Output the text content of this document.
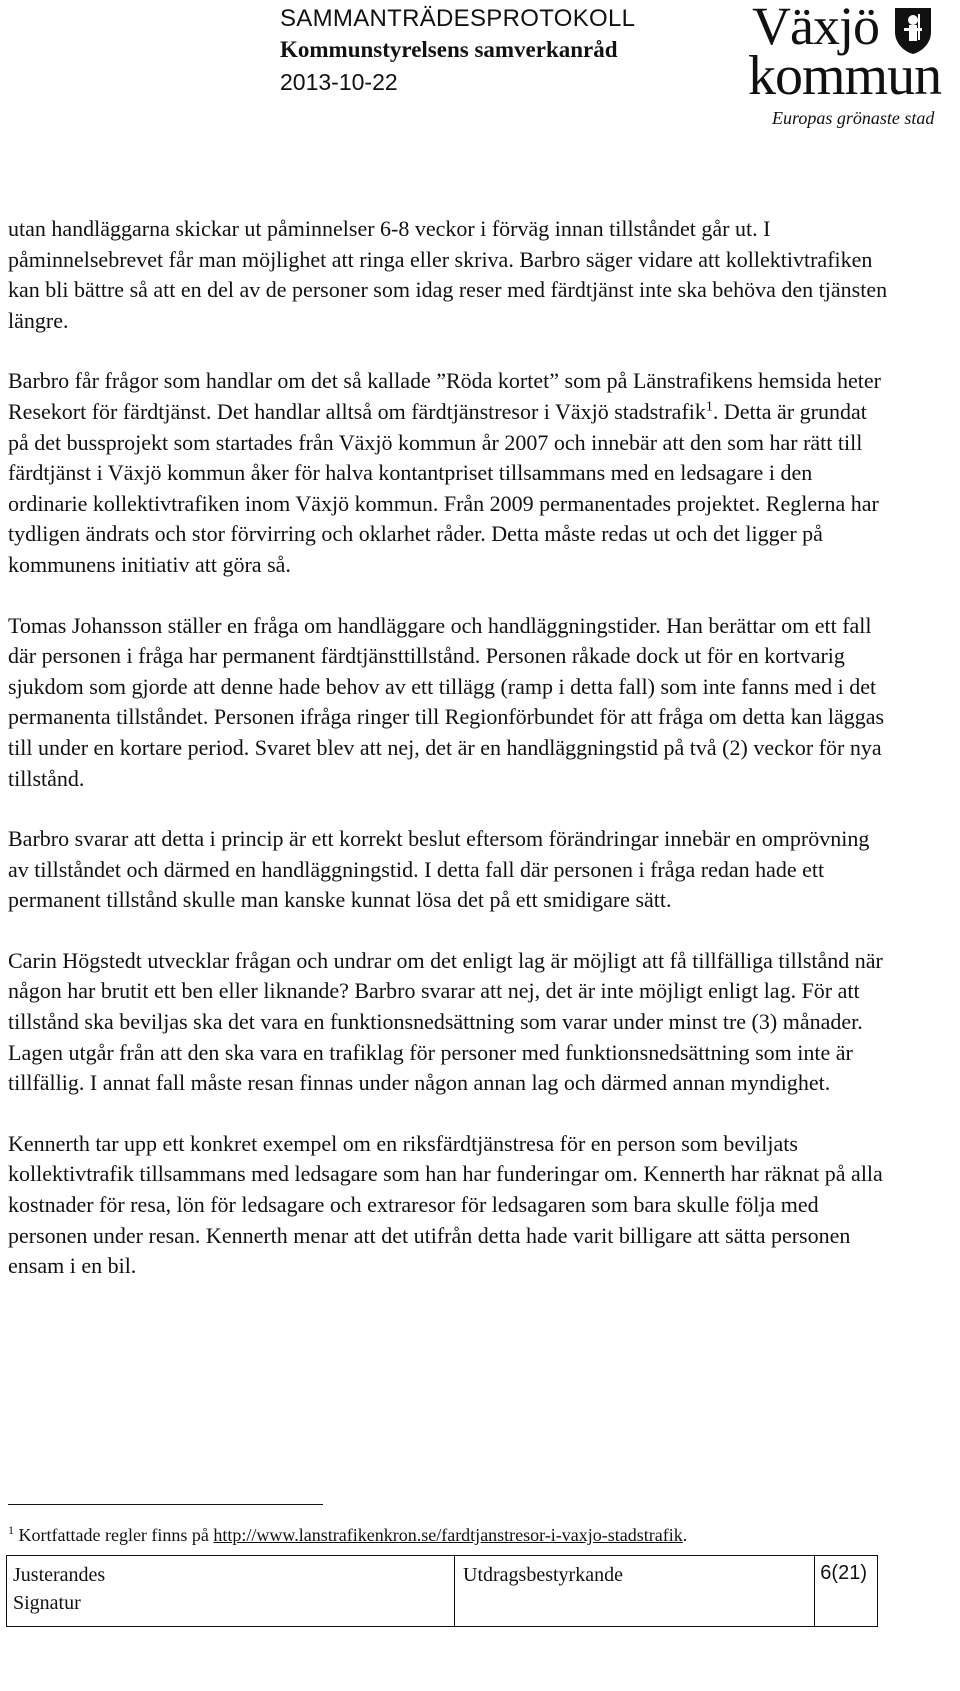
SAMMANTRÄDESPROTOKOLL
Kommunstyrelsens samverkanråd
2013-10-22
Växjö
kommun
Europas grönaste stad

utan handläggarna skickar ut påminnelser 6-8 veckor i förväg innan tillståndet går ut. I påminnelsebrevet får man möjlighet att ringa eller skriva. Barbro säger vidare att kollektivtrafiken kan bli bättre så att en del av de personer som idag reser med färdtjänst inte ska behöva den tjänsten längre.

Barbro får frågor som handlar om det så kallade ”Röda kortet” som på Länstrafikens hemsida heter Resekort för färdtjänst. Det handlar alltså om färdtjänstresor i Växjö stadstrafik$^1$. Detta är grundat på det bussprojekt som startades från Växjö kommun år 2007 och innebär att den som har rätt till färdtjänst i Växjö kommun åker för halva kontantpriset tillsammans med en ledsagare i den ordinarie kollektivtrafiken inom Växjö kommun. Från 2009 permanentades projektet. Reglerna har tydligen ändrats och stor förvirring och oklarhet råder. Detta måste redas ut och det ligger på kommunens initiativ att göra så.

Tomas Johansson ställer en fråga om handläggare och handläggningstider. Han berättar om ett fall där personen i fråga har permanent färdtjänsttillstånd. Personen råkade dock ut för en kortvarig sjukdom som gjorde att denne hade behov av ett tillägg (ramp i detta fall) som inte fanns med i det permanenta tillståndet. Personen ifråga ringer till Regionförbundet för att fråga om detta kan läggas till under en kortare period. Svaret blev att nej, det är en handläggningstid på två (2) veckor för nya tillstånd.

Barbro svarar att detta i princip är ett korrekt beslut eftersom förändringar innebär en omprövning av tillståndet och därmed en handläggningstid. I detta fall där personen i fråga redan hade ett permanent tillstånd skulle man kanske kunnat lösa det på ett smidigare sätt.

Carin Högstedt utvecklar frågan och undrar om det enligt lag är möjligt att få tillfälliga tillstånd när någon har brutit ett ben eller liknande? Barbro svarar att nej, det är inte möjligt enligt lag. För att tillstånd ska beviljas ska det vara en funktionsnedsättning som varar under minst tre (3) månader. Lagen utgår från att den ska vara en trafiklag för personer med funktionsnedsättning som inte är tillfällig. I annat fall måste resan finnas under någon annan lag och därmed annan myndighet.

Kennerth tar upp ett konkret exempel om en riksfärdtjänstresa för en person som beviljats kollektivtrafik tillsammans med ledsagare som han har funderingar om. Kennerth har räknat på alla kostnader för resa, lön för ledsagare och extraresor för ledsagaren som bara skulle följa med personen under resan. Kennerth menar att det utifrån detta hade varit billigare att sätta personen ensam i en bil.

$^1$ Kortfattade regler finns på http://www.lanstrafikenkron.se/fardtjanstresor-i-vaxjo-stadstrafik.
Justerandes
Signatur
Utdragsbestyrkande	6(21)
